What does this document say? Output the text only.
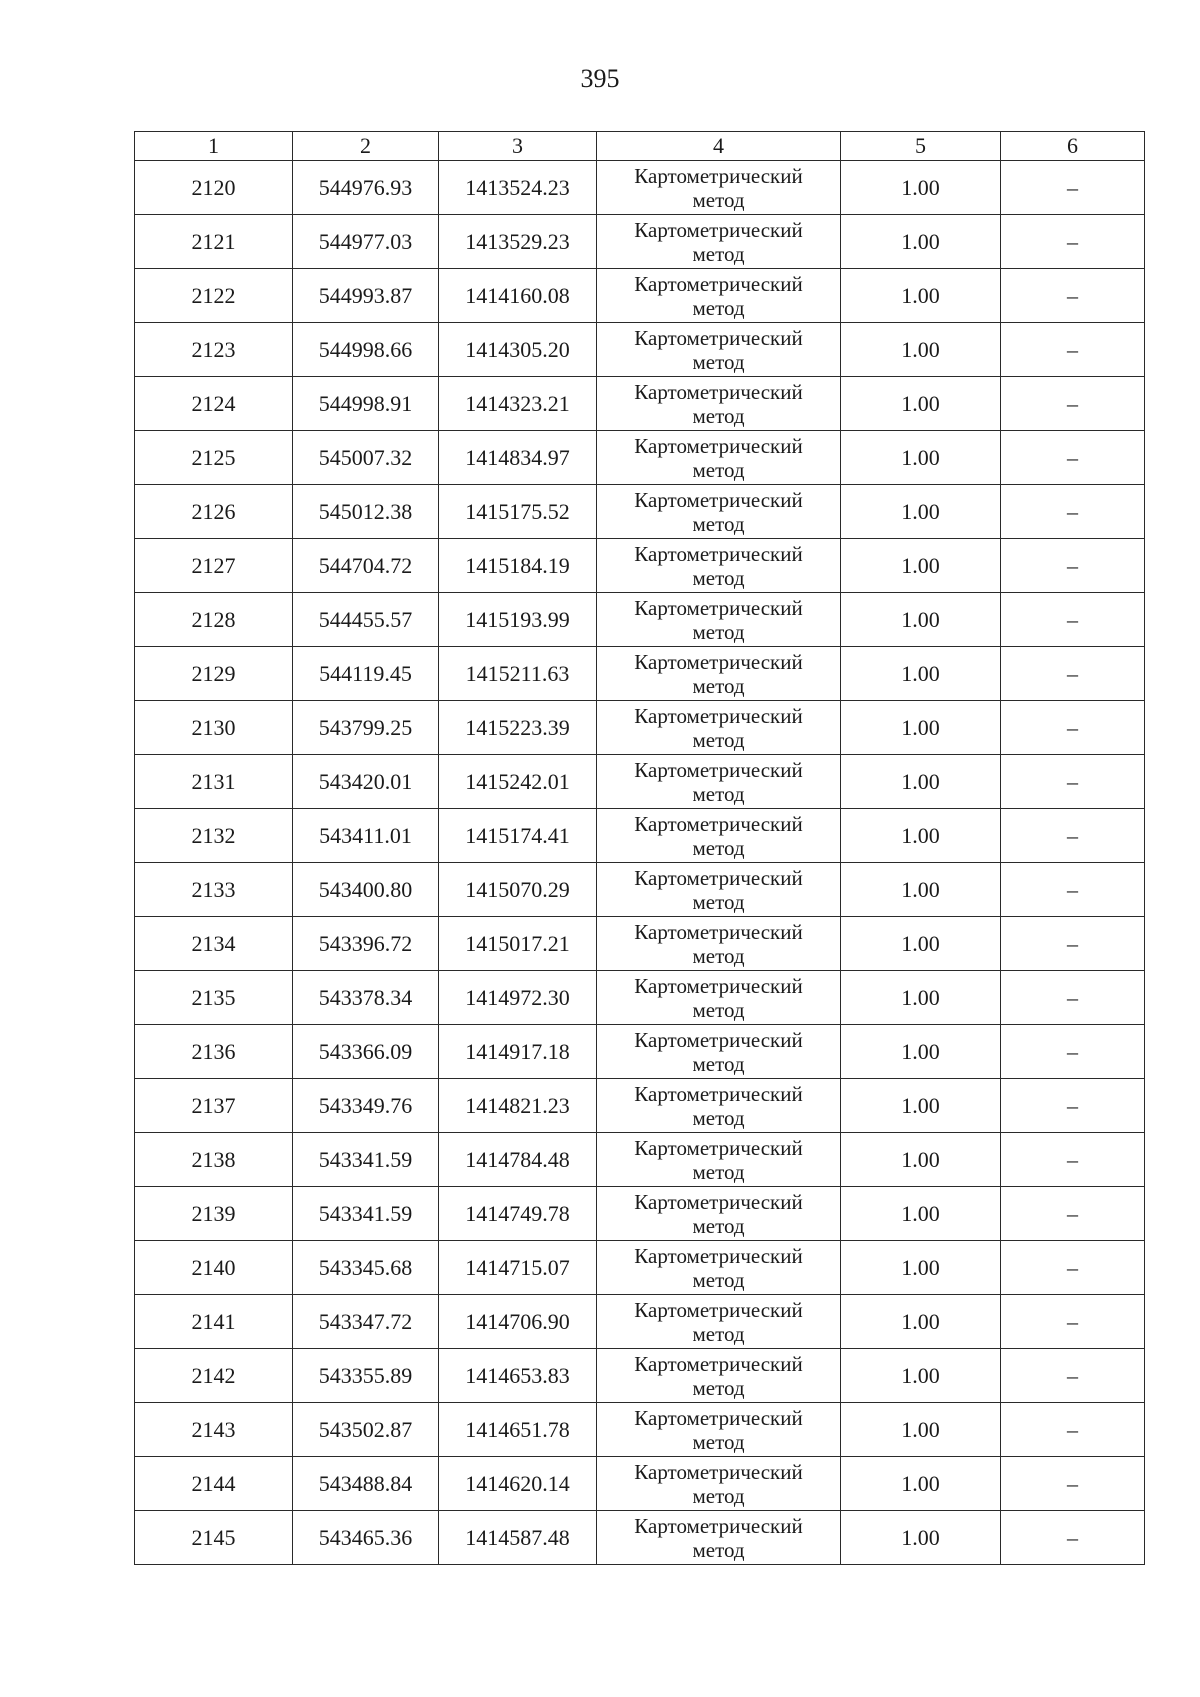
395
1	2	3	4	5	6
2120	544976.93	1413524.23	Картометрический
метод	1.00	–
2121	544977.03	1413529.23	Картометрический
метод	1.00	–
2122	544993.87	1414160.08	Картометрический
метод	1.00	–
2123	544998.66	1414305.20	Картометрический
метод	1.00	–
2124	544998.91	1414323.21	Картометрический
метод	1.00	–
2125	545007.32	1414834.97	Картометрический
метод	1.00	–
2126	545012.38	1415175.52	Картометрический
метод	1.00	–
2127	544704.72	1415184.19	Картометрический
метод	1.00	–
2128	544455.57	1415193.99	Картометрический
метод	1.00	–
2129	544119.45	1415211.63	Картометрический
метод	1.00	–
2130	543799.25	1415223.39	Картометрический
метод	1.00	–
2131	543420.01	1415242.01	Картометрический
метод	1.00	–
2132	543411.01	1415174.41	Картометрический
метод	1.00	–
2133	543400.80	1415070.29	Картометрический
метод	1.00	–
2134	543396.72	1415017.21	Картометрический
метод	1.00	–
2135	543378.34	1414972.30	Картометрический
метод	1.00	–
2136	543366.09	1414917.18	Картометрический
метод	1.00	–
2137	543349.76	1414821.23	Картометрический
метод	1.00	–
2138	543341.59	1414784.48	Картометрический
метод	1.00	–
2139	543341.59	1414749.78	Картометрический
метод	1.00	–
2140	543345.68	1414715.07	Картометрический
метод	1.00	–
2141	543347.72	1414706.90	Картометрический
метод	1.00	–
2142	543355.89	1414653.83	Картометрический
метод	1.00	–
2143	543502.87	1414651.78	Картометрический
метод	1.00	–
2144	543488.84	1414620.14	Картометрический
метод	1.00	–
2145	543465.36	1414587.48	Картометрический
метод	1.00	–
